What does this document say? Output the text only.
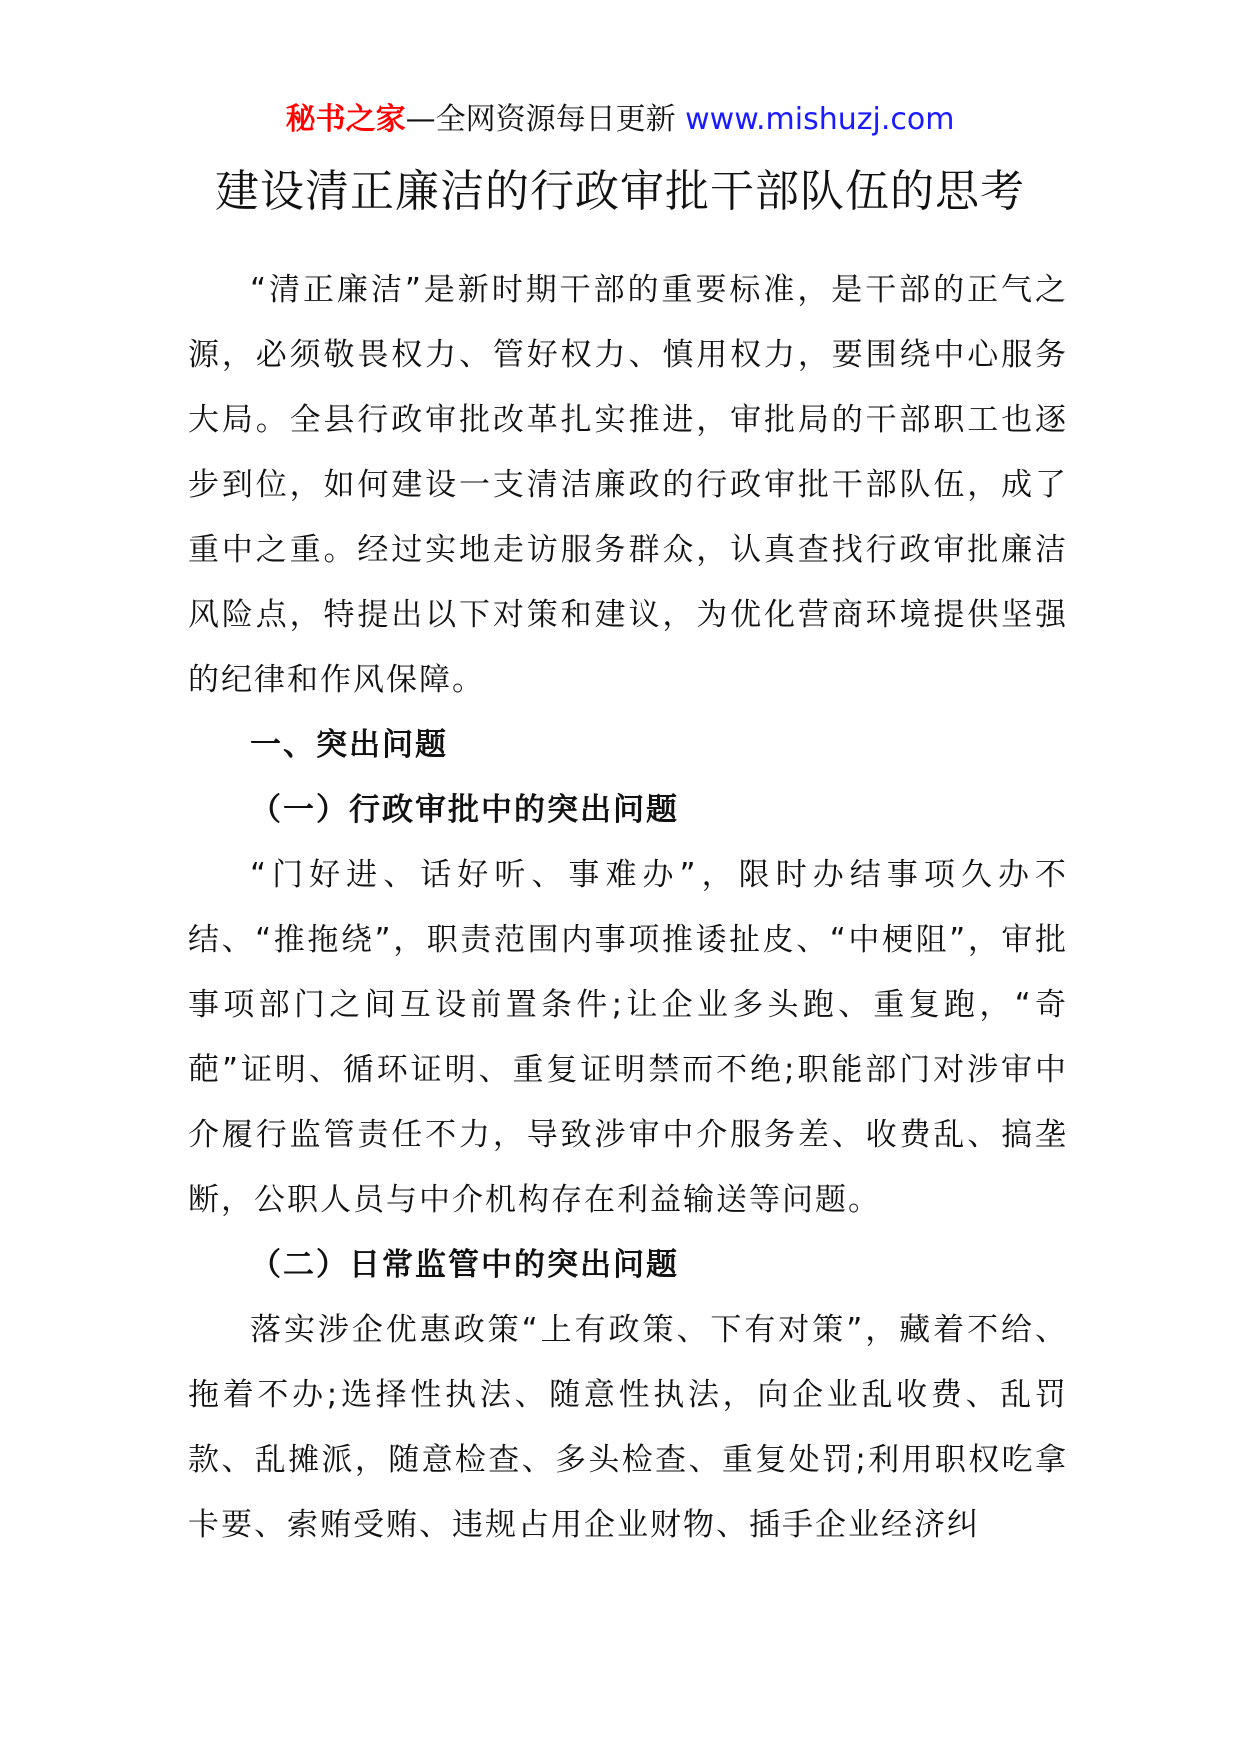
秘书之家—全网资源每日更新 www.mishuzj.com
建设清正廉洁的行政审批干部队伍的思考

“清正廉洁”是新时期干部的重要标准，是干部的正气之源，必须敬畏权力、管好权力、慎用权力，要围绕中心服务大局。全县行政审批改革扎实推进，审批局的干部职工也逐步到位，如何建设一支清洁廉政的行政审批干部队伍，成了重中之重。经过实地走访服务群众，认真查找行政审批廉洁风险点，特提出以下对策和建议，为优化营商环境提供坚强的纪律和作风保障。

一、突出问题

（一）行政审批中的突出问题

“门好进、话好听、事难办”，限时办结事项久办不结、“推拖绕”，职责范围内事项推诿扯皮、“中梗阻”，审批事项部门之间互设前置条件;让企业多头跑、重复跑，“奇葩”证明、循环证明、重复证明禁而不绝;职能部门对涉审中介履行监管责任不力，导致涉审中介服务差、收费乱、搞垄断，公职人员与中介机构存在利益输送等问题。

（二）日常监管中的突出问题

落实涉企优惠政策“上有政策、下有对策”，藏着不给、拖着不办;选择性执法、随意性执法，向企业乱收费、乱罚款、乱摊派，随意检查、多头检查、重复处罚;利用职权吃拿卡要、索贿受贿、违规占用企业财物、插手企业经济纠
